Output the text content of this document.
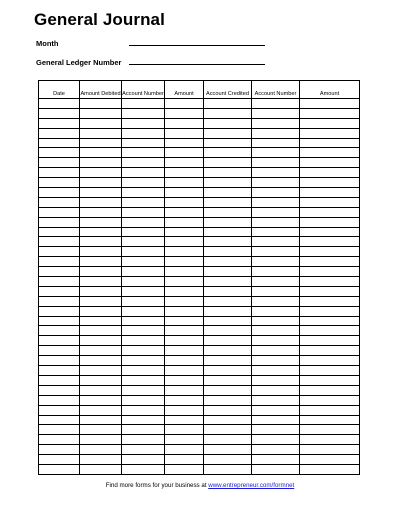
General Journal
Month
General Ledger Number
Date	Amount Debited	Account Number	Amount	Account Credited	Account Number	Amount

Find more forms for your business at www.entrepreneur.com/formnet
